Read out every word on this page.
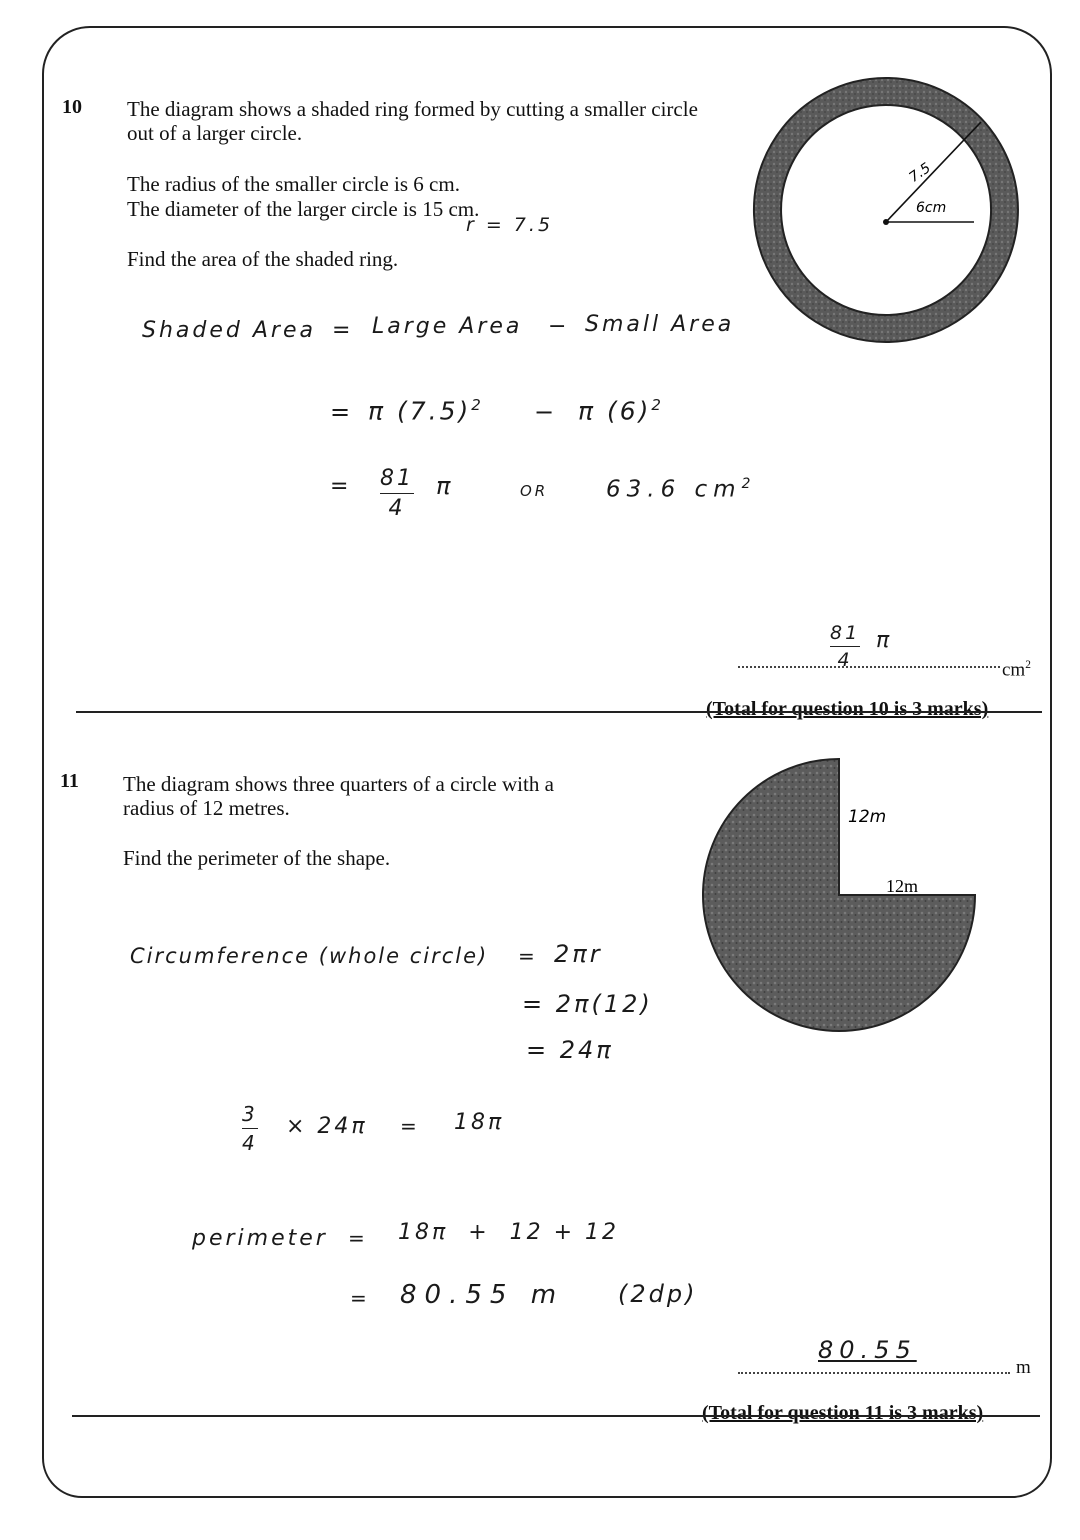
10 The diagram shows a shaded ring formed by cutting a smaller circle
out of a larger circle.
The radius of the smaller circle is 6 cm.
The diameter of the larger circle is 15 cm.
r = 7.5
Find the area of the shaded ring.
7.5
6cm
Shaded Area = Large Area − Small Area
= π $(7.5)^2 - \pi$ $(6)^2$
= $\frac{81}{4}$ π	OR	63.6 $cm^2$
$\frac{81}{4}$ π
$cm^2$
(Total for question 10 is 3 marks)
11 The diagram shows three quarters of a circle with a
radius of 12 metres.
Find the perimeter of the shape.
12m
12m
Circumference (whole circle) = 2πr
= 2π(12)
= 24π
$\frac{3}{4} \times 24\pi = 18\pi$
perimeter = 18π  +  12 + 12
= 80.55 m (2dp)
80.55
m
(Total for question 11 is 3 marks)
